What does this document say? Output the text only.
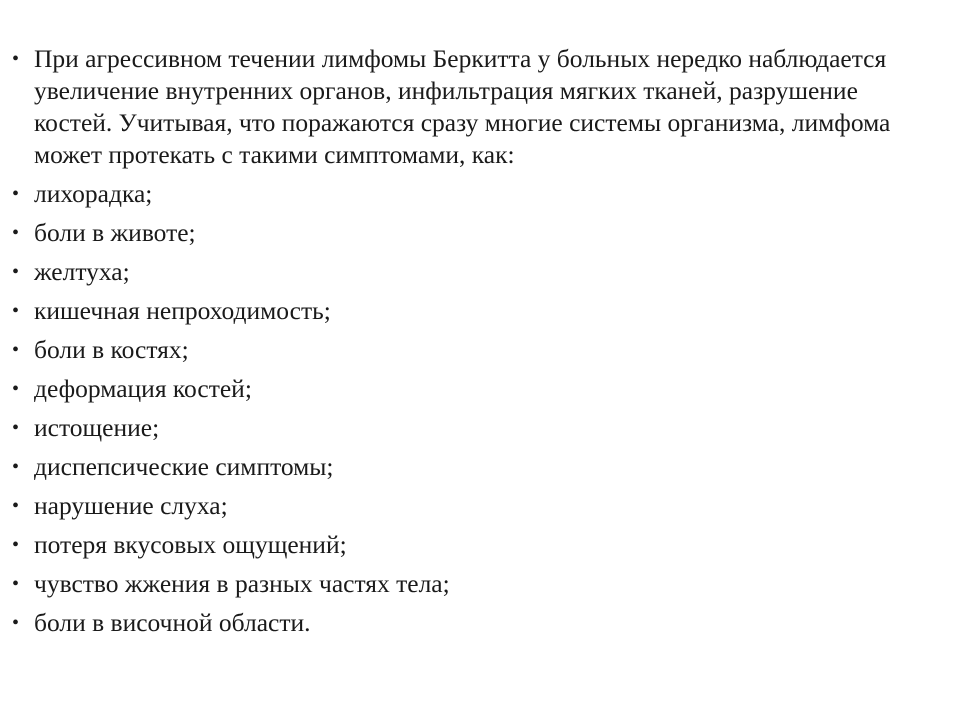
• При агрессивном течении лимфомы Беркитта у больных нередко наблюдается увеличение внутренних органов, инфильтрация мягких тканей, разрушение костей. Учитывая, что поражаются сразу многие системы организма, лимфома может протекать с такими симптомами, как:
• лихорадка;
• боли в животе;
• желтуха;
• кишечная непроходимость;
• боли в костях;
• деформация костей;
• истощение;
• диспепсические симптомы;
• нарушение слуха;
• потеря вкусовых ощущений;
• чувство жжения в разных частях тела;
• боли в височной области.
